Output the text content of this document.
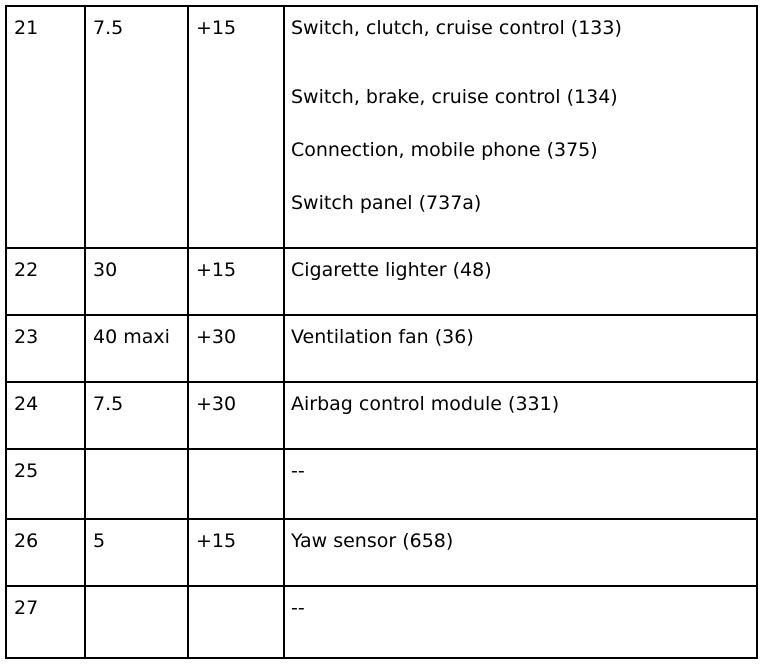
21	7.5	+15	Switch, clutch, cruise control (133)
Switch, brake, cruise control (134)
Connection, mobile phone (375)
Switch panel (737a)

22	30	+15	Cigarette lighter (48)

23	40 maxi	+30	Ventilation fan (36)

24	7.5	+30	Airbag control module (331)

25			--

26	5	+15	Yaw sensor (658)

27			--
